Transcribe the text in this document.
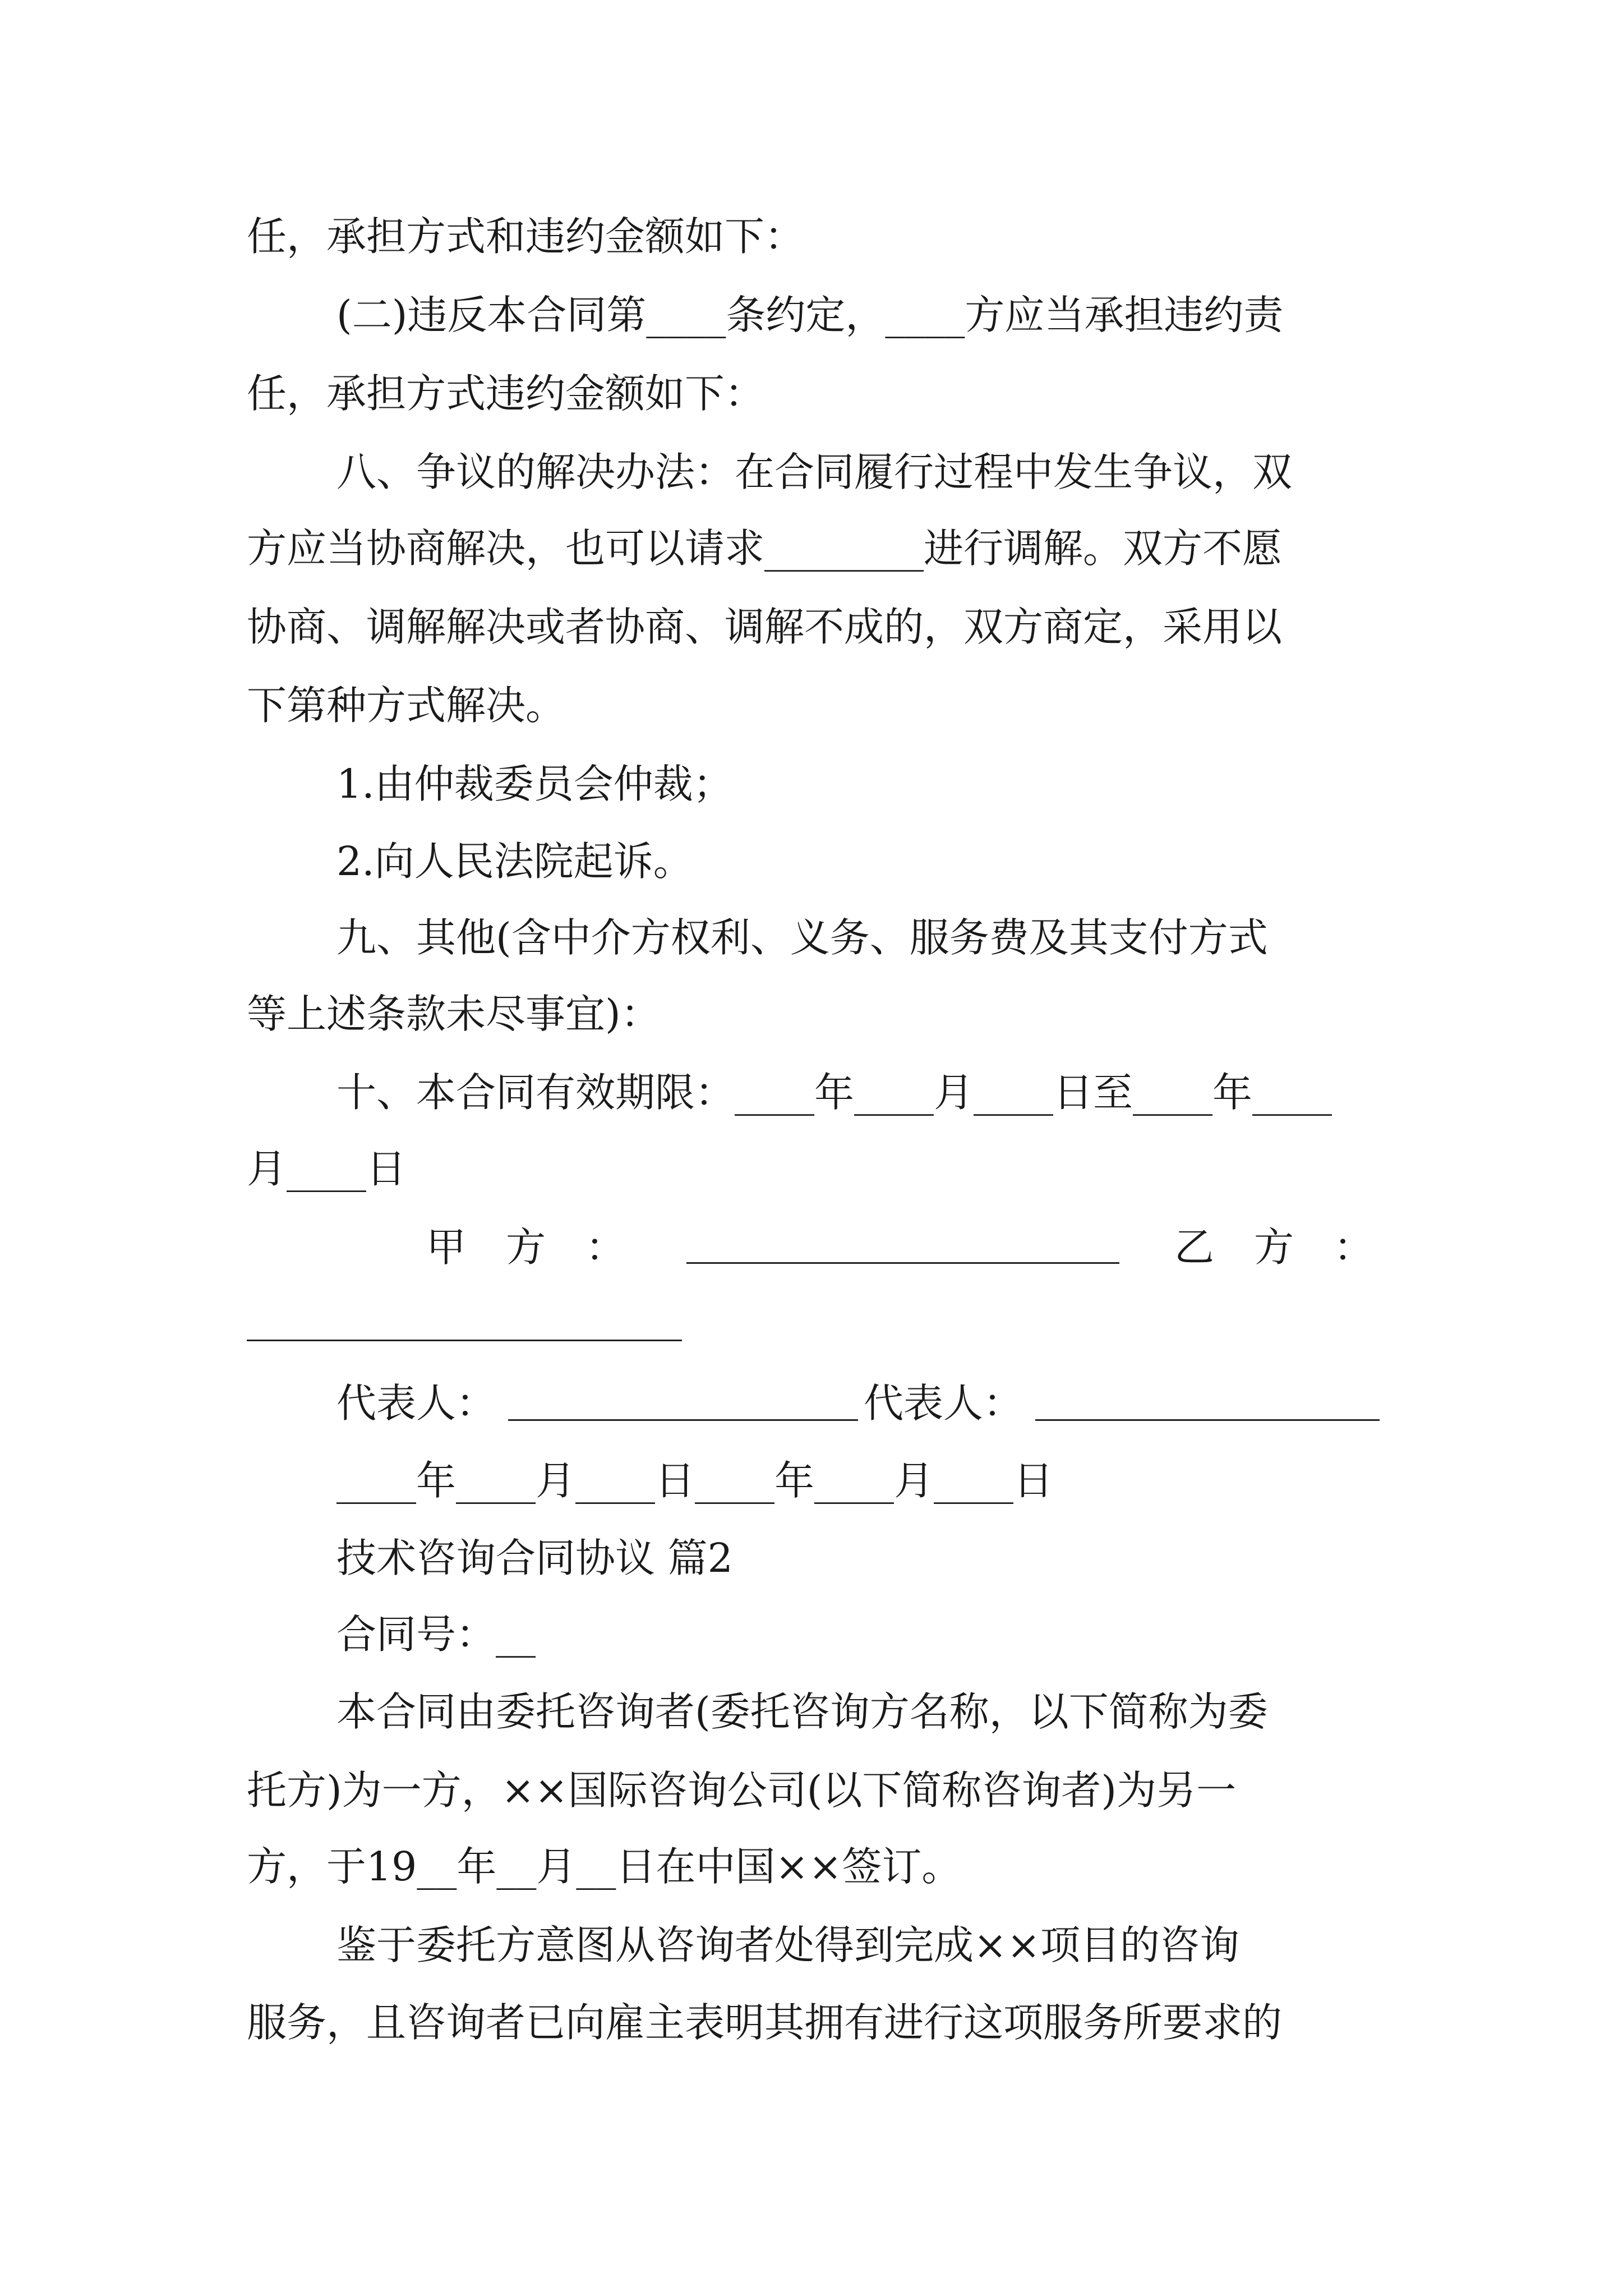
任，承担方式和违约金额如下：
(二)违反本合同第____条约定，____方应当承担违约责
任，承担方式违约金额如下：
八、争议的解决办法：在合同履行过程中发生争议，双
方应当协商解决，也可以请求________进行调解。双方不愿
协商、调解解决或者协商、调解不成的，双方商定，采用以
下第种方式解决。
1.由仲裁委员会仲裁；
2.向人民法院起诉。
九、其他(含中介方权利、义务、服务费及其支付方式
等上述条款未尽事宜)：
十、本合同有效期限：____年____月____日至____年____
月____日
甲　方　：	乙　方　：
代表人：	代表人：
____年____月____日____年____月____日
技术咨询合同协议 篇2
合同号：__
本合同由委托咨询者(委托咨询方名称，以下简称为委
托方)为一方，××国际咨询公司(以下简称咨询者)为另一
方，于19__年__月__日在中国××签订。
鉴于委托方意图从咨询者处得到完成××项目的咨询
服务，且咨询者已向雇主表明其拥有进行这项服务所要求的
